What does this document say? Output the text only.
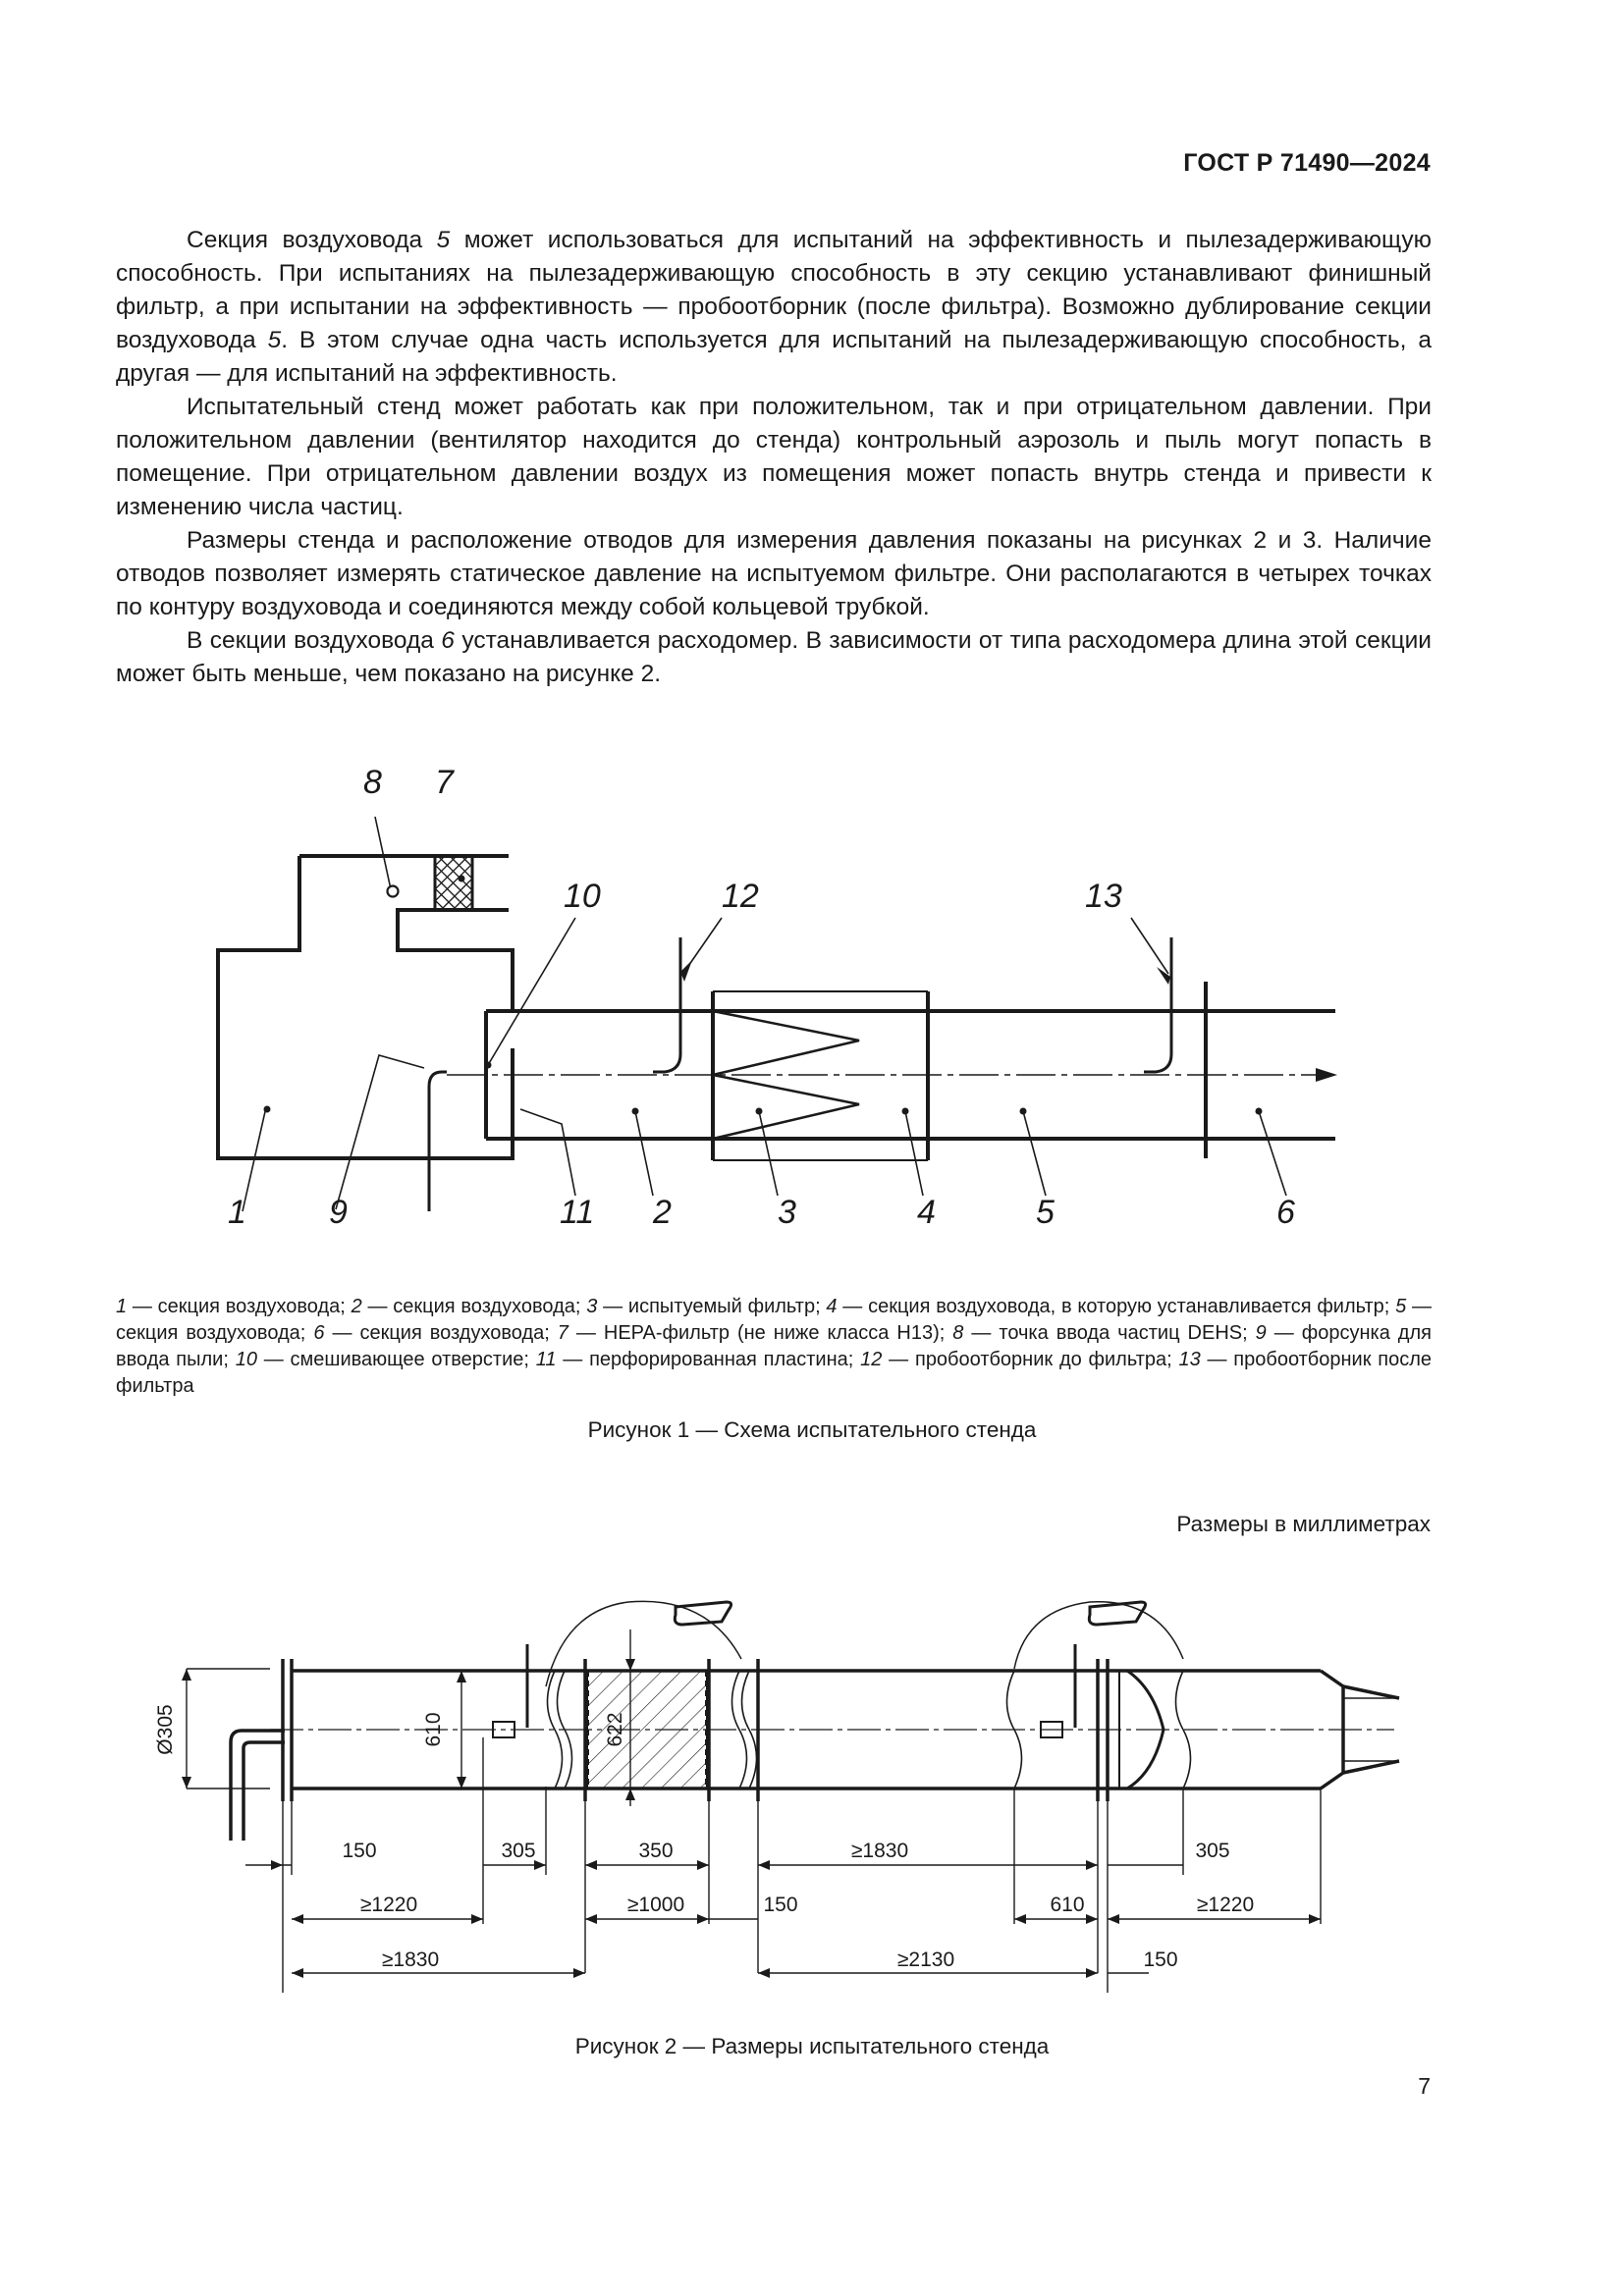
ГОСТ Р 71490—2024

Секция воздуховода 5 может использоваться для испытаний на эффективность и пылезадерживающую способность. При испытаниях на пылезадерживающую способность в эту секцию устанавливают финишный фильтр, а при испытании на эффективность — пробоотборник (после фильтра). Возможно дублирование секции воздуховода 5. В этом случае одна часть используется для испытаний на пылезадерживающую способность, а другая — для испытаний на эффективность.

Испытательный стенд может работать как при положительном, так и при отрицательном давлении. При положительном давлении (вентилятор находится до стенда) контрольный аэрозоль и пыль могут попасть в помещение. При отрицательном давлении воздух из помещения может попасть внутрь стенда и привести к изменению числа частиц.

Размеры стенда и расположение отводов для измерения давления показаны на рисунках 2 и 3. Наличие отводов позволяет измерять статическое давление на испытуемом фильтре. Они располагаются в четырех точках по контуру воздуховода и соединяются между собой кольцевой трубкой.

В секции воздуховода 6 устанавливается расходомер. В зависимости от типа расходомера длина этой секции может быть меньше, чем показано на рисунке 2.

8 7
10	12	13
1 9	11 2	3	4	5	6
1 — секция воздуховода; 2 — секция воздуховода; 3 — испытуемый фильтр; 4 — секция воздуховода, в которую устанавливается фильтр; 5 — секция воздуховода; 6 — секция воздуховода; 7 — HEPA-фильтр (не ниже класса H13); 8 — точка ввода частиц DEHS; 9 — форсунка для ввода пыли; 10 — смешивающее отверстие; 11 — перфорированная пластина; 12 — пробоотборник до фильтра; 13 — пробоотборник после фильтра
Рисунок 1 — Схема испытательного стенда
Размеры в миллиметрах
Ø305	610	622
150	305	350	≥1830	305
≥1220	≥1000	150	610	≥1220
≥1830	≥2130	150
Рисунок 2 — Размеры испытательного стенда
7
